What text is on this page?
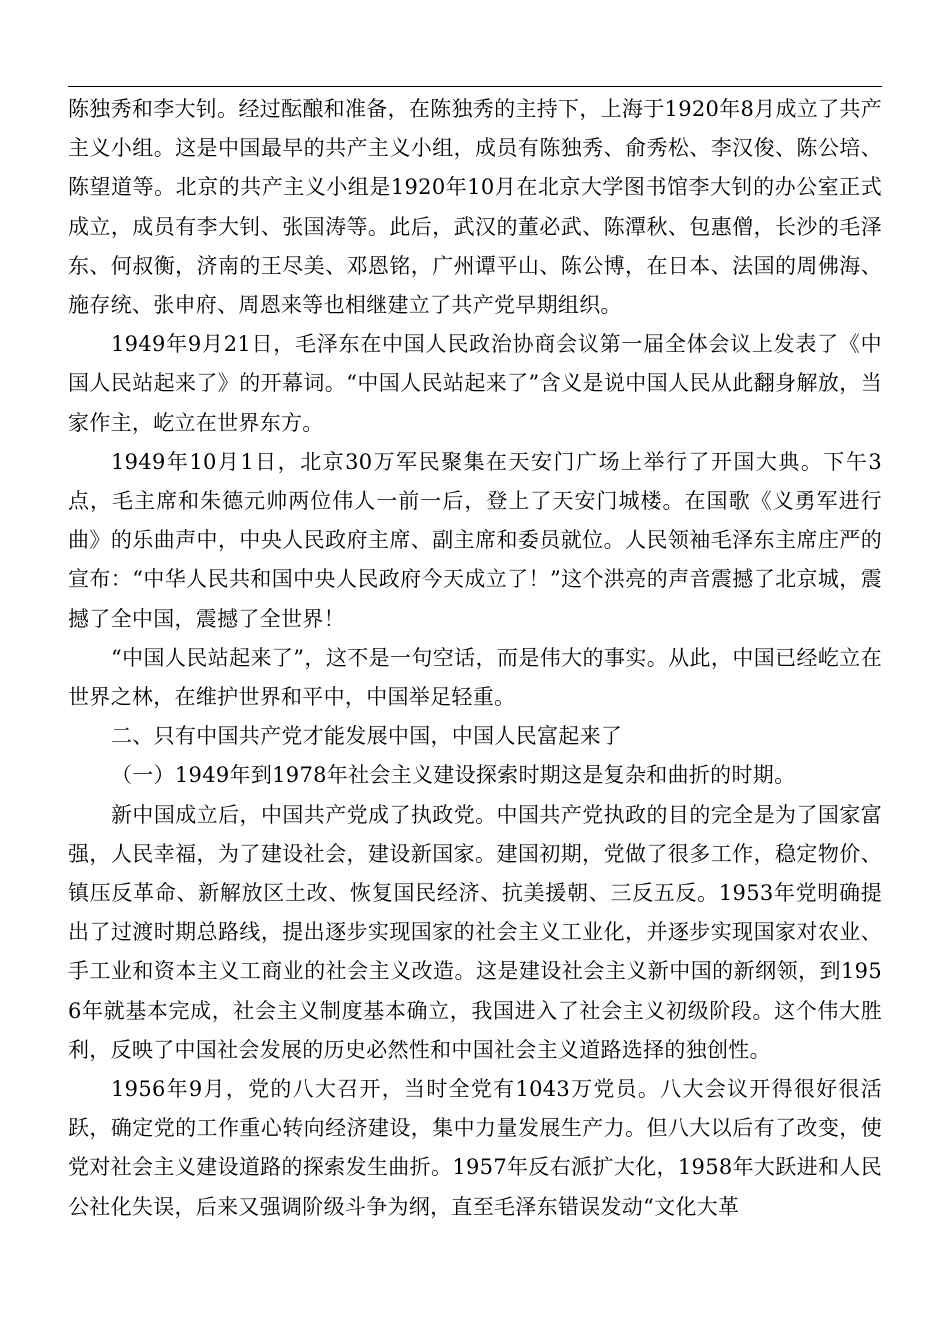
陈独秀和李大钊。经过酝酿和准备，在陈独秀的主持下，上海于1920年8月成立了共产主义小组。这是中国最早的共产主义小组，成员有陈独秀、俞秀松、李汉俊、陈公培、陈望道等。北京的共产主义小组是1920年10月在北京大学图书馆李大钊的办公室正式成立，成员有李大钊、张国涛等。此后，武汉的董必武、陈潭秋、包惠僧，长沙的毛泽东、何叔衡，济南的王尽美、邓恩铭，广州谭平山、陈公博，在日本、法国的周佛海、施存统、张申府、周恩来等也相继建立了共产党早期组织。

1949年9月21日，毛泽东在中国人民政治协商会议第一届全体会议上发表了《中国人民站起来了》的开幕词。“中国人民站起来了”含义是说中国人民从此翻身解放，当家作主，屹立在世界东方。

1949年10月1日，北京30万军民聚集在天安门广场上举行了开国大典。下午3点，毛主席和朱德元帅两位伟人一前一后，登上了天安门城楼。在国歌《义勇军进行曲》的乐曲声中，中央人民政府主席、副主席和委员就位。人民领袖毛泽东主席庄严的宣布：“中华人民共和国中央人民政府今天成立了！”这个洪亮的声音震撼了北京城，震撼了全中国，震撼了全世界！

“中国人民站起来了”，这不是一句空话，而是伟大的事实。从此，中国已经屹立在世界之林，在维护世界和平中，中国举足轻重。

二、只有中国共产党才能发展中国，中国人民富起来了

（一）1949年到1978年社会主义建设探索时期这是复杂和曲折的时期。

新中国成立后，中国共产党成了执政党。中国共产党执政的目的完全是为了国家富强，人民幸福，为了建设社会，建设新国家。建国初期，党做了很多工作，稳定物价、镇压反革命、新解放区土改、恢复国民经济、抗美援朝、三反五反。1953年党明确提出了过渡时期总路线，提出逐步实现国家的社会主义工业化，并逐步实现国家对农业、手工业和资本主义工商业的社会主义改造。这是建设社会主义新中国的新纲领，到1956年就基本完成，社会主义制度基本确立，我国进入了社会主义初级阶段。这个伟大胜利，反映了中国社会发展的历史必然性和中国社会主义道路选择的独创性。

1956年9月，党的八大召开，当时全党有1043万党员。八大会议开得很好很活跃，确定党的工作重心转向经济建设，集中力量发展生产力。但八大以后有了改变，使党对社会主义建设道路的探索发生曲折。1957年反右派扩大化，1958年大跃进和人民公社化失误，后来又强调阶级斗争为纲，直至毛泽东错误发动“文化大革
